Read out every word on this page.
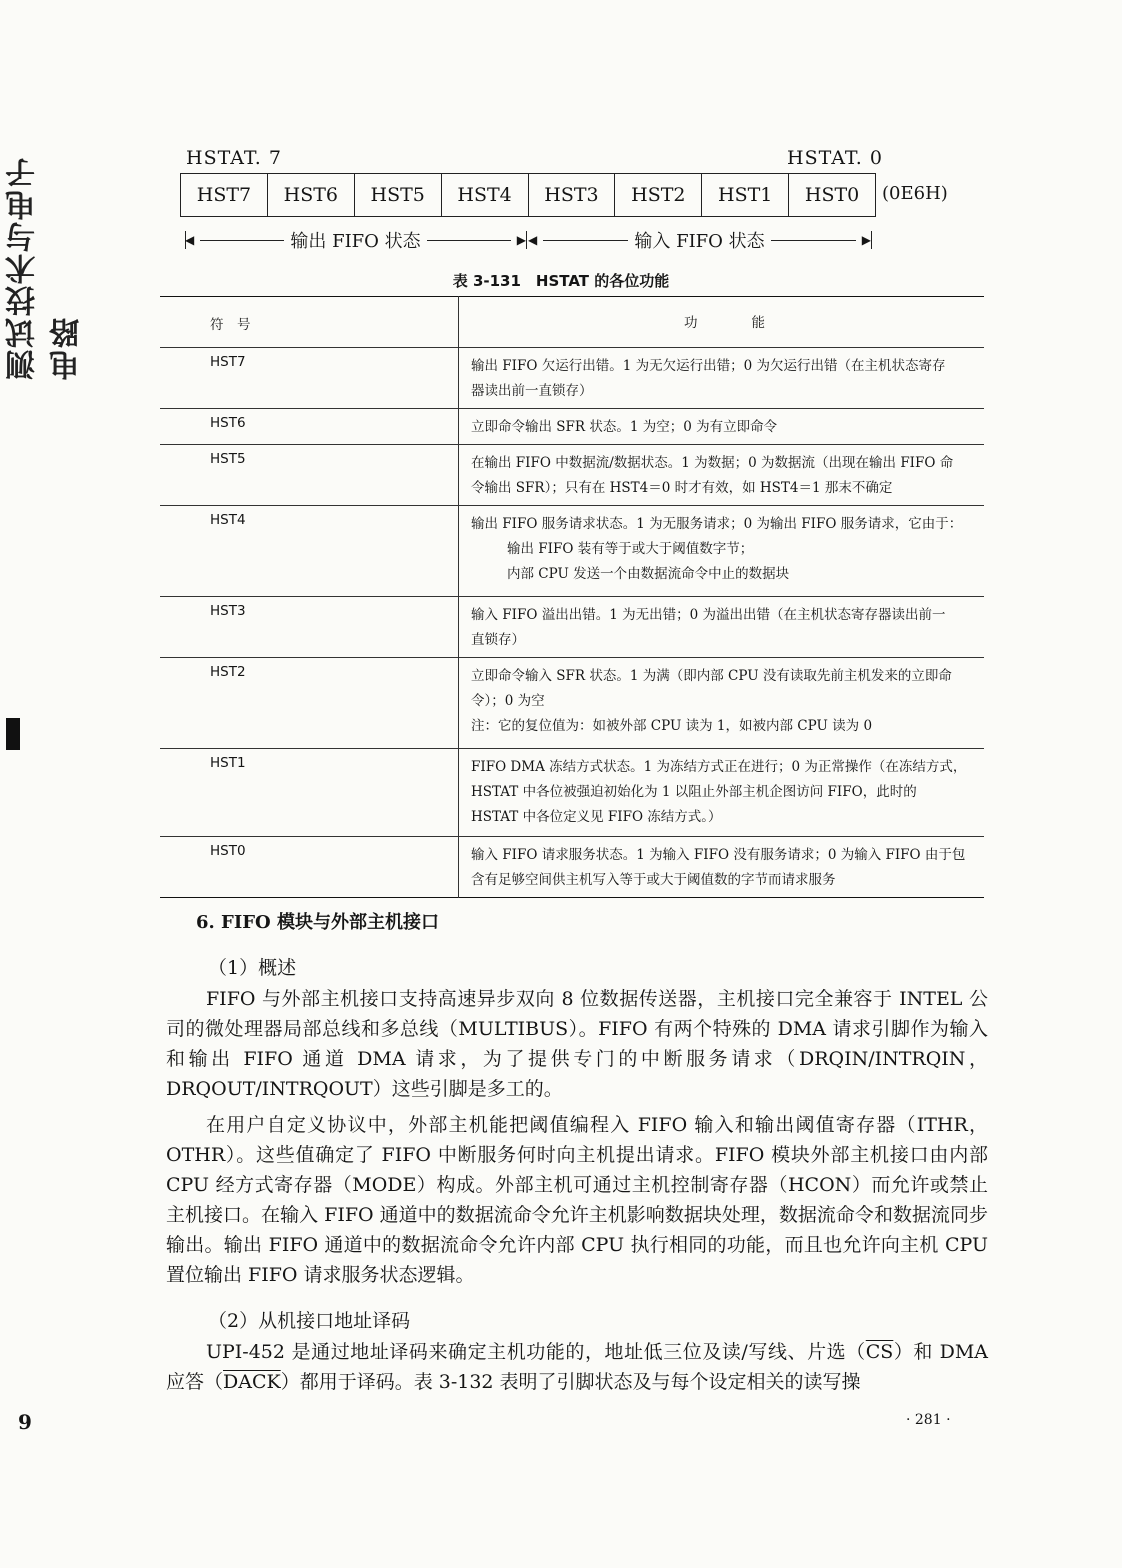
测试技术与电子电路
9
HSTAT. 7	HSTAT. 0
HST7	HST6	HST5	HST4	HST3	HST2	HST1	HST0	(0E6H)
◀	输出 FIFO 状态	▶ ◀	输入 FIFO 状态	▶
表 3-131　HSTAT 的各位功能
符　号	功　　　　能
HST7	输出 FIFO 欠运行出错。1 为无欠运行出错；0 为欠运行出错（在主机状态寄存
器读出前一直锁存）

HST6	立即命令输出 SFR 状态。1 为空；0 为有立即命令

HST5	在输出 FIFO 中数据流/数据状态。1 为数据；0 为数据流（出现在输出 FIFO 命
令输出 SFR）；只有在 HST4＝0 时才有效，如 HST4＝1 那末不确定

HST4	输出 FIFO 服务请求状态。1 为无服务请求；0 为输出 FIFO 服务请求，它由于：
输出 FIFO 装有等于或大于阈值数字节；
内部 CPU 发送一个由数据流命令中止的数据块

HST3	输入 FIFO 溢出出错。1 为无出错；0 为溢出出错（在主机状态寄存器读出前一
直锁存）

HST2	立即命令输入 SFR 状态。1 为满（即内部 CPU 没有读取先前主机发来的立即命
令）；0 为空
注：它的复位值为：如被外部 CPU 读为 1，如被内部 CPU 读为 0

HST1	FIFO DMA 冻结方式状态。1 为冻结方式正在进行；0 为正常操作（在冻结方式，
HSTAT 中各位被强迫初始化为 1 以阻止外部主机企图访问 FIFO，此时的
HSTAT 中各位定义见 FIFO 冻结方式。）

HST0	输入 FIFO 请求服务状态。1 为输入 FIFO 没有服务请求；0 为输入 FIFO 由于包
含有足够空间供主机写入等于或大于阈值数的字节而请求服务
6. FIFO 模块与外部主机接口
（1）概述
FIFO 与外部主机接口支持高速异步双向 8 位数据传送器，主机接口完全兼容于 INTEL 公司的微处理器局部总线和多总线（MULTIBUS）。FIFO 有两个特殊的 DMA 请求引脚作为输入和输出 FIFO 通道 DMA 请求，为了提供专门的中断服务请求（DRQIN/INTRQIN，DRQOUT/INTRQOUT）这些引脚是多工的。
在用户自定义协议中，外部主机能把阈值编程入 FIFO 输入和输出阈值寄存器（ITHR，OTHR）。这些值确定了 FIFO 中断服务何时向主机提出请求。FIFO 模块外部主机接口由内部 CPU 经方式寄存器（MODE）构成。外部主机可通过主机控制寄存器（HCON）而允许或禁止主机接口。在输入 FIFO 通道中的数据流命令允许主机影响数据块处理，数据流命令和数据流同步输出。输出 FIFO 通道中的数据流命令允许内部 CPU 执行相同的功能，而且也允许向主机 CPU 置位输出 FIFO 请求服务状态逻辑。
（2）从机接口地址译码
UPI-452 是通过地址译码来确定主机功能的，地址低三位及读/写线、片选$(\overline{CS})$和 DMA 应答（DACK）都用于译码。表 3-132 表明了引脚状态及与每个设定相关的读写操
· 281 ·
